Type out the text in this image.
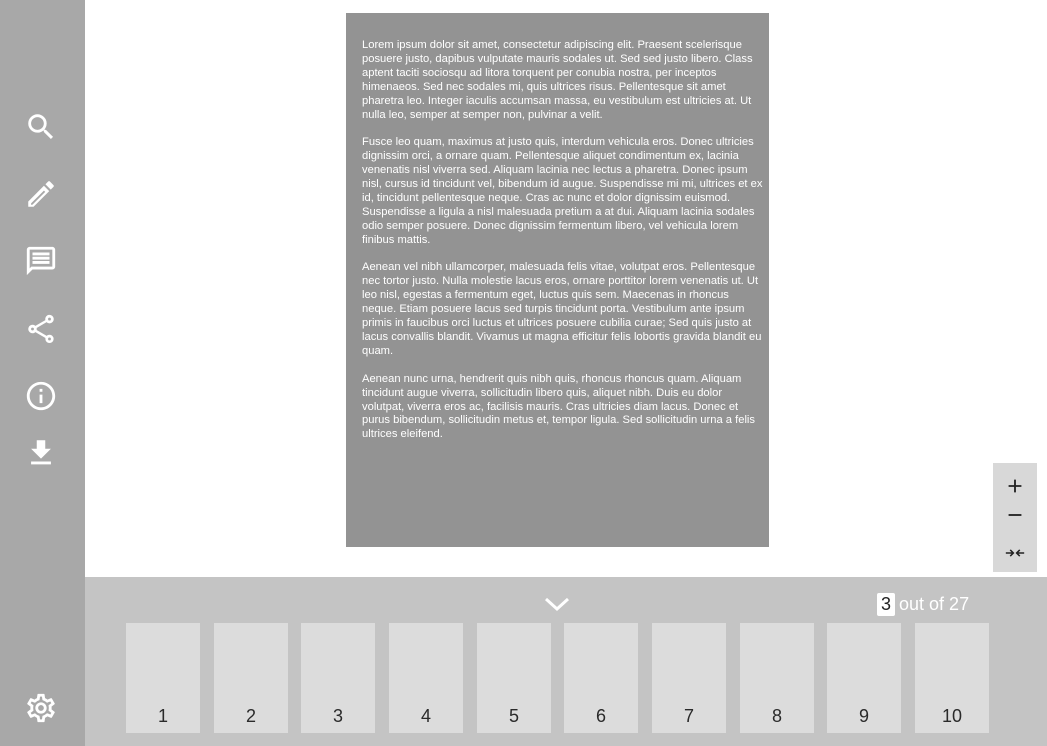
Lorem ipsum dolor sit amet, consectetur adipiscing elit. Praesent scelerisque posuere justo, dapibus vulputate mauris sodales ut. Sed sed justo libero. Class aptent taciti sociosqu ad litora torquent per conubia nostra, per inceptos himenaeos. Sed nec sodales mi, quis ultrices risus. Pellentesque sit amet pharetra leo. Integer iaculis accumsan massa, eu vestibulum est ultricies at. Ut nulla leo, semper at semper non, pulvinar a velit.

Fusce leo quam, maximus at justo quis, interdum vehicula eros. Donec ultricies dignissim orci, a ornare quam. Pellentesque aliquet condimentum ex, lacinia venenatis nisl viverra sed. Aliquam lacinia nec lectus a pharetra. Donec ipsum nisl, cursus id tincidunt vel, bibendum id augue. Suspendisse mi mi, ultrices et ex id, tincidunt pellentesque neque. Cras ac nunc et dolor dignissim euismod. Suspendisse a ligula a nisl malesuada pretium a at dui. Aliquam lacinia sodales odio semper posuere. Donec dignissim fermentum libero, vel vehicula lorem finibus mattis.

Aenean vel nibh ullamcorper, malesuada felis vitae, volutpat eros. Pellentesque nec tortor justo. Nulla molestie lacus eros, ornare porttitor lorem venenatis ut. Ut leo nisl, egestas a fermentum eget, luctus quis sem. Maecenas in rhoncus neque. Etiam posuere lacus sed turpis tincidunt porta. Vestibulum ante ipsum primis in faucibus orci luctus et ultrices posuere cubilia curae; Sed quis justo at lacus convallis blandit. Vivamus ut magna efficitur felis lobortis gravida blandit eu quam.

Aenean nunc urna, hendrerit quis nibh quis, rhoncus rhoncus quam. Aliquam tincidunt augue viverra, sollicitudin libero quis, aliquet nibh. Duis eu dolor volutpat, viverra eros ac, facilisis mauris. Cras ultricies diam lacus. Donec et purus bibendum, sollicitudin metus et, tempor ligula. Sed sollicitudin urna a felis ultrices eleifend.

3 out of 27
1	2	3	4	5	6	7	8	9	10
